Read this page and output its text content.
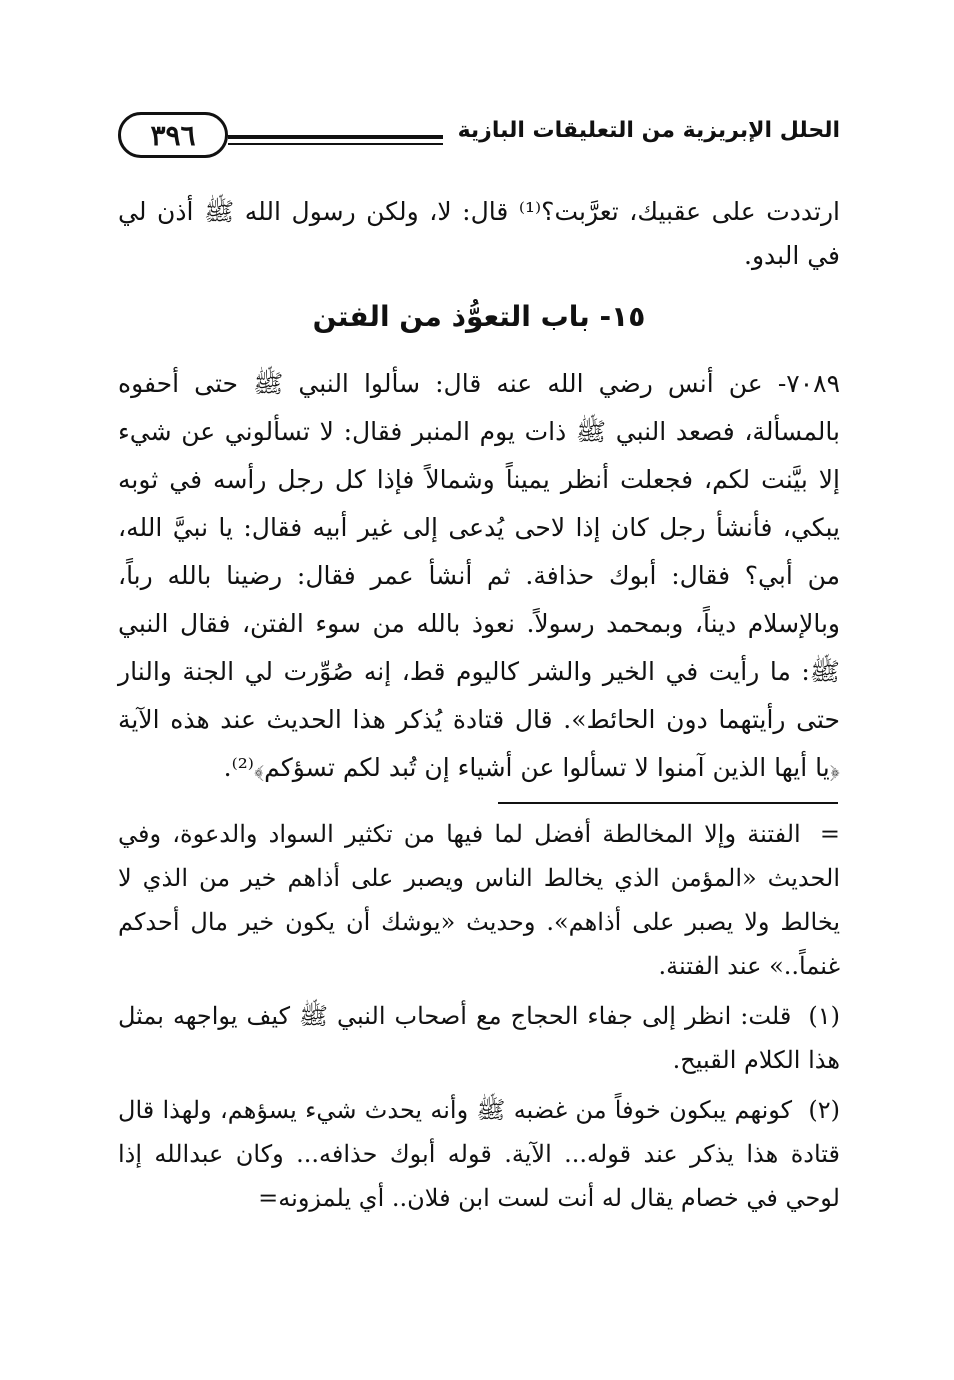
٣٩٦	الحلل الإبريزية من التعليقات البازية
ارتددت على عقبيك، تعرَّبت؟⁽¹⁾ قال: لا، ولكن رسول الله ﷺ أذن لي في البدو.
١٥- باب التعوُّذ من الفتن
٧٠٨٩- عن أنس رضي الله عنه قال: سألوا النبي ﷺ حتى أحفوه بالمسألة، فصعد النبي ﷺ ذات يوم المنبر فقال: لا تسألوني عن شيء إلا بيَّنت لكم، فجعلت أنظر يميناً وشمالاً فإذا كل رجل رأسه في ثوبه يبكي، فأنشأ رجل كان إذا لاحى يُدعى إلى غير أبيه فقال: يا نبيَّ الله، من أبي؟ فقال: أبوك حذافة. ثم أنشأ عمر فقال: رضينا بالله رباً، وبالإسلام ديناً، وبمحمد رسولاً. نعوذ بالله من سوء الفتن، فقال النبي ﷺ: ما رأيت في الخير والشر كاليوم قط، إنه صُوِّرت لي الجنة والنار حتى رأيتهما دون الحائط». قال قتادة يُذكر هذا الحديث عند هذه الآية ﴿يا أيها الذين آمنوا لا تسألوا عن أشياء إن تُبد لكم تسؤكم﴾⁽²⁾.

= الفتنة وإلا المخالطة أفضل لما فيها من تكثير السواد والدعوة، وفي الحديث «المؤمن الذي يخالط الناس ويصبر على أذاهم خير من الذي لا يخالط ولا يصبر على أذاهم». وحديث «يوشك أن يكون خير مال أحدكم غنماً..» عند الفتنة.

(١) قلت: انظر إلى جفاء الحجاج مع أصحاب النبي ﷺ كيف يواجهه بمثل هذا الكلام القبيح.

(٢) كونهم يبكون خوفاً من غضبه ﷺ وأنه يحدث شيء يسؤهم، ولهذا قال قتادة هذا يذكر عند قوله... الآية. قوله أبوك حذافه... وكان عبدالله إذا لوحي في خصام يقال له أنت لست ابن فلان.. أي يلمزونه=
